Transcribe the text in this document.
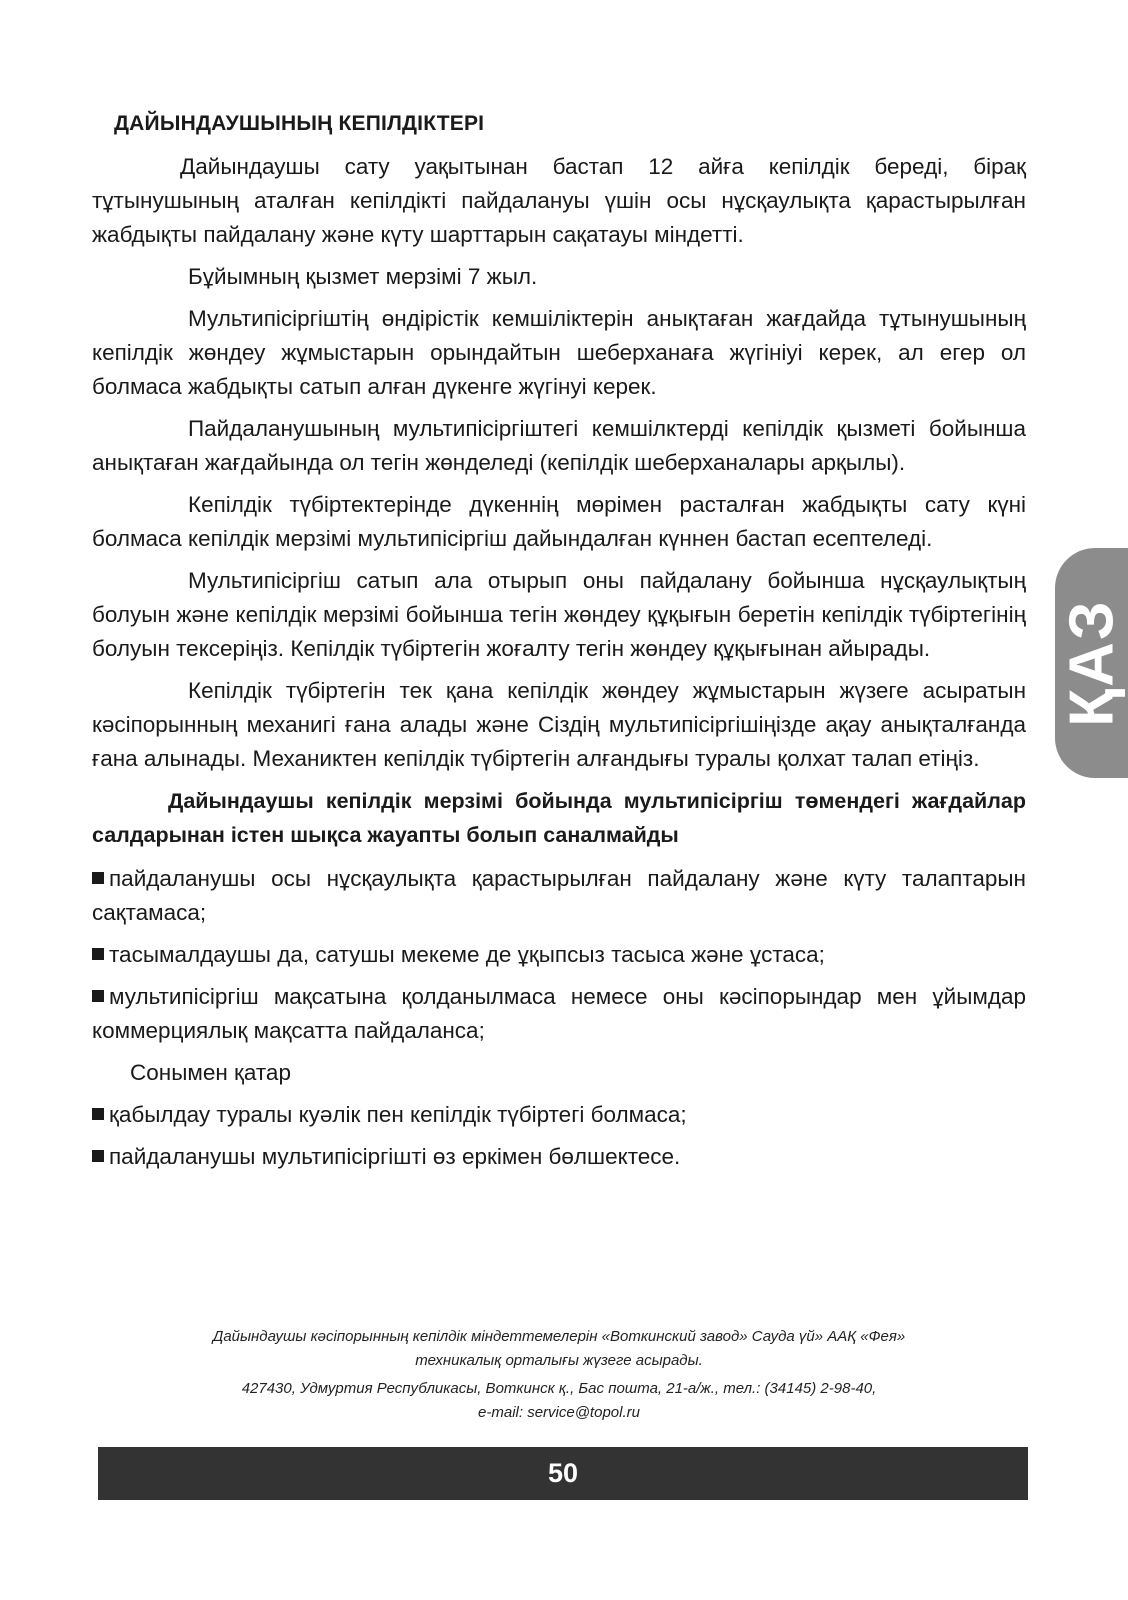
ДАЙЫНДАУШЫНЫҢ КЕПІЛДІКТЕРІ

Дайындаушы сату уақытынан бастап 12 айға кепілдік береді, бірақ тұтынушының аталған кепілдікті пайдалануы үшін осы нұсқаулықта қарастырылған жабдықты пайдалану және күту шарттарын сақатауы міндетті.

Бұйымның қызмет мерзімі 7 жыл.

Мультипісіргіштің өндірістік кемшіліктерін анықтаған жағдайда тұтынушының кепілдік жөндеу жұмыстарын орындайтын шеберханаға жүгініуі керек, ал егер ол болмаса жабдықты сатып алған дүкенге жүгінуі керек.

Пайдаланушының мультипісіргіштегі кемшілктерді кепілдік қызметі бойынша анықтаған жағдайында ол тегін жөнделеді (кепілдік шеберханалары арқылы).

Кепілдік түбіртектерінде дүкеннің мөрімен расталған жабдықты сату күні болмаса кепілдік мерзімі мультипісіргіш дайындалған күннен бастап есептеледі.

Мультипісіргіш сатып ала отырып оны пайдалану бойынша нұсқаулықтың болуын және кепілдік мерзімі бойынша тегін жөндеу құқығын беретін кепілдік түбіртегінің болуын тексеріңіз. Кепілдік түбіртегін жоғалту тегін жөндеу құқығынан айырады.

Кепілдік түбіртегін тек қана кепілдік жөндеу жұмыстарын жүзеге асыратын кәсіпорынның механигі ғана алады және Сіздің мультипісіргішіңізде ақау анықталғанда ғана алынады. Механиктен кепілдік түбіртегін алғандығы туралы қолхат талап етіңіз.

Дайындаушы кепілдік мерзімі бойында мультипісіргіш төмендегі жағдайлар салдарынан істен шықса жауапты болып саналмайды

пайдаланушы осы нұсқаулықта қарастырылған пайдалану және күту талаптарын сақтамаса;

тасымалдаушы да, сатушы мекеме де ұқыпсыз тасыса және ұстаса;

мультипісіргіш мақсатына қолданылмаса немесе оны кәсіпорындар мен ұйымдар коммерциялық мақсатта пайдаланса;

Сонымен қатар

қабылдау туралы куәлік пен кепілдік түбіртегі болмаса;

пайдаланушы мультипісіргішті өз еркімен бөлшектесе.

Дайындаушы кәсіпорынның кепілдік міндеттемелерін «Воткинский завод» Сауда үй» ААҚ «Фея»
техникалық орталығы жүзеге асырады.
427430, Удмуртия Республикасы, Воткинск қ., Бас пошта, 21-а/ж., тел.: (34145) 2-98-40,
e-mail: service@topol.ru
50
ҚАЗ
